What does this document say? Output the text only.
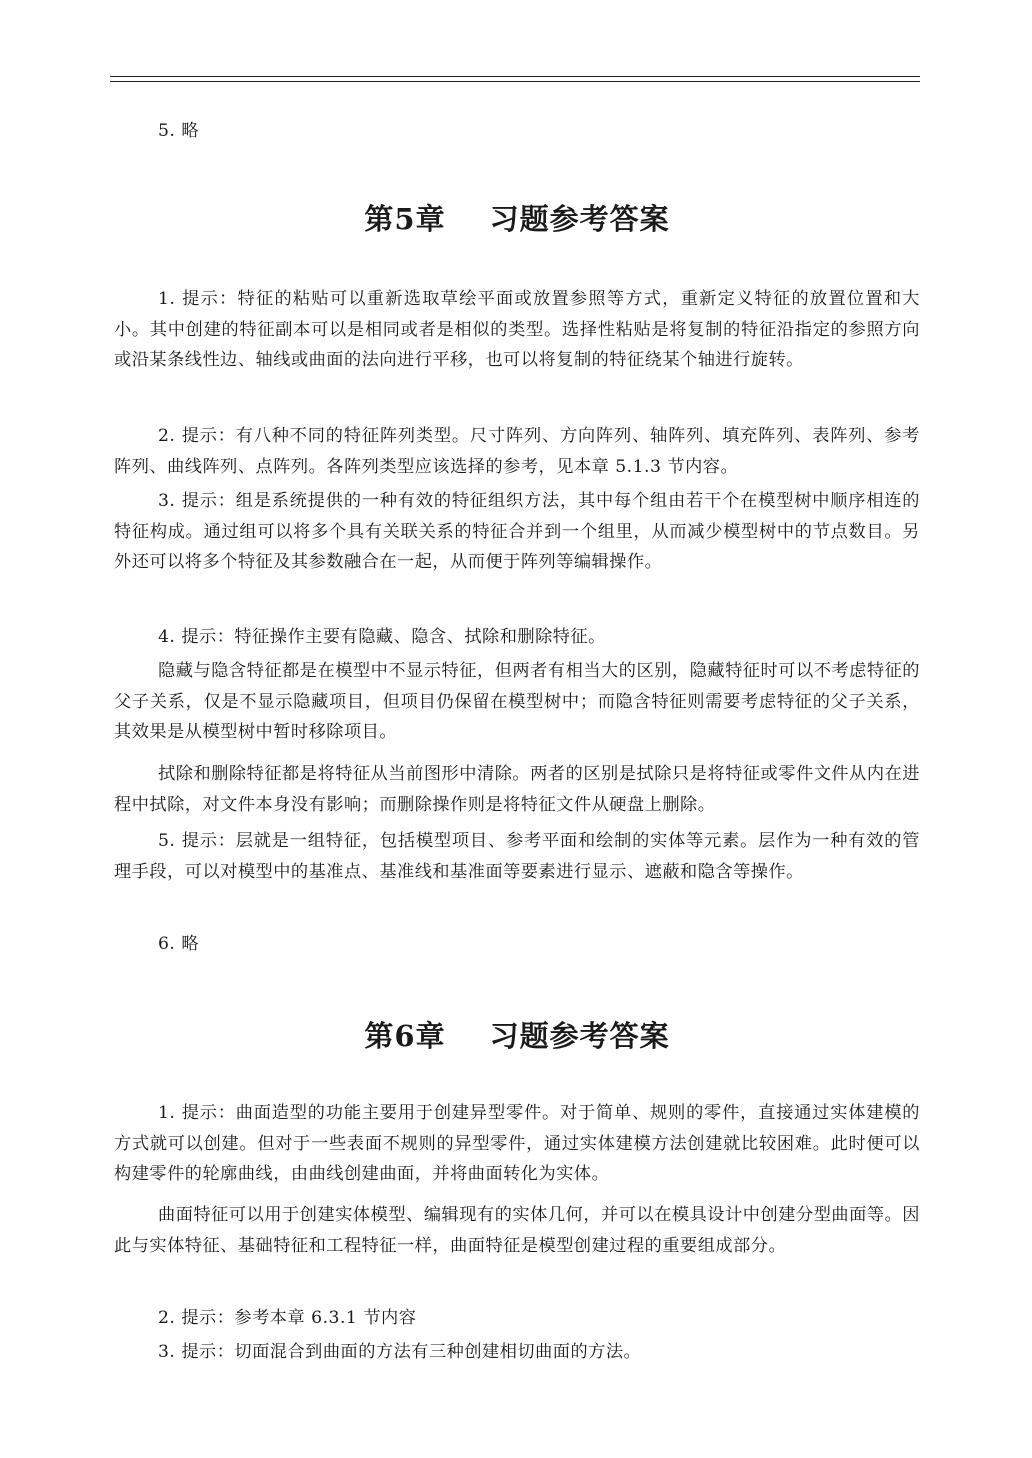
5. 略

第5章 习题参考答案

1. 提示：特征的粘贴可以重新选取草绘平面或放置参照等方式，重新定义特征的放置位置和大小。其中创建的特征副本可以是相同或者是相似的类型。选择性粘贴是将复制的特征沿指定的参照方向或沿某条线性边、轴线或曲面的法向进行平移，也可以将复制的特征绕某个轴进行旋转。

2. 提示：有八种不同的特征阵列类型。尺寸阵列、方向阵列、轴阵列、填充阵列、表阵列、参考阵列、曲线阵列、点阵列。各阵列类型应该选择的参考，见本章 5.1.3 节内容。

3. 提示：组是系统提供的一种有效的特征组织方法，其中每个组由若干个在模型树中顺序相连的特征构成。通过组可以将多个具有关联关系的特征合并到一个组里，从而减少模型树中的节点数目。另外还可以将多个特征及其参数融合在一起，从而便于阵列等编辑操作。

4. 提示：特征操作主要有隐藏、隐含、拭除和删除特征。

隐藏与隐含特征都是在模型中不显示特征，但两者有相当大的区别，隐藏特征时可以不考虑特征的父子关系，仅是不显示隐藏项目，但项目仍保留在模型树中；而隐含特征则需要考虑特征的父子关系，其效果是从模型树中暂时移除项目。

拭除和删除特征都是将特征从当前图形中清除。两者的区别是拭除只是将特征或零件文件从内在进程中拭除，对文件本身没有影响；而删除操作则是将特征文件从硬盘上删除。

5. 提示：层就是一组特征，包括模型项目、参考平面和绘制的实体等元素。层作为一种有效的管理手段，可以对模型中的基准点、基准线和基准面等要素进行显示、遮蔽和隐含等操作。

6. 略

第6章 习题参考答案

1. 提示：曲面造型的功能主要用于创建异型零件。对于简单、规则的零件，直接通过实体建模的方式就可以创建。但对于一些表面不规则的异型零件，通过实体建模方法创建就比较困难。此时便可以构建零件的轮廓曲线，由曲线创建曲面，并将曲面转化为实体。

曲面特征可以用于创建实体模型、编辑现有的实体几何，并可以在模具设计中创建分型曲面等。因此与实体特征、基础特征和工程特征一样，曲面特征是模型创建过程的重要组成部分。

2. 提示：参考本章 6.3.1 节内容

3. 提示：切面混合到曲面的方法有三种创建相切曲面的方法。
